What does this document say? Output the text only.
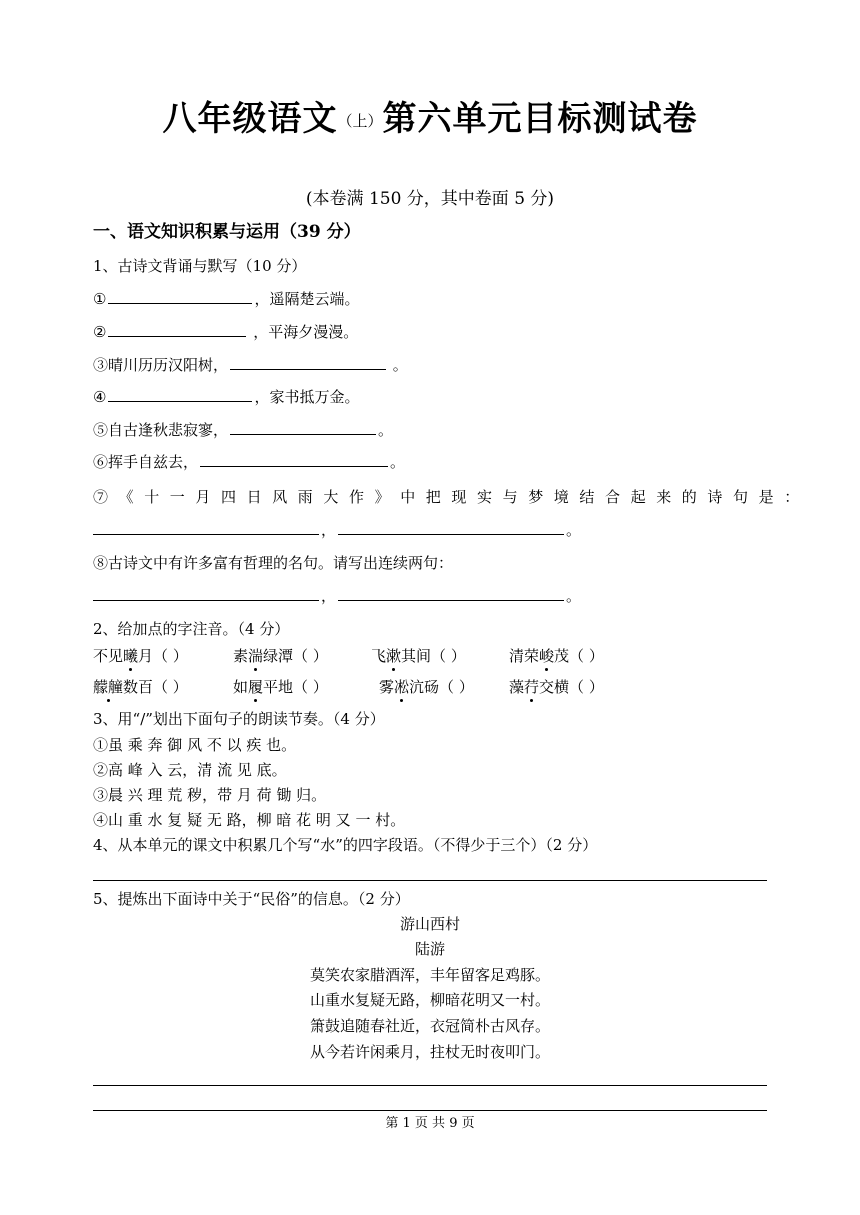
八年级语文（上）第六单元目标测试卷
(本卷满 150 分，其中卷面 5 分)
一、语文知识积累与运用（39 分）
1、古诗文背诵与默写（10 分）
①	，遥隔楚云端。
②	，平海夕漫漫。
③晴川历历汉阳树，	。
④	，家书抵万金。
⑤自古逢秋悲寂寥，	。
⑥挥手自兹去，	。
⑦《十一月四日风雨大作》中把现实与梦境结合起来的诗句是：
，	。
⑧古诗文中有许多富有哲理的名句。请写出连续两句：
，	。
2、给加点的字注音。（4 分）
不见曦月（ ）	素湍绿潭（ ）	飞漱其间（ ）	清荣峻茂（ ）
艨艟数百（ ）	如履平地（ ）	雾凇沆砀（ ） 藻荇交横（ ）
3、用“/”划出下面句子的朗读节奏。（4 分）
①虽 乘 奔 御 风 不 以 疾 也。
②高 峰 入 云，清 流 见 底。
③晨 兴 理 荒 秽，带 月 荷 锄 归。
④山 重 水 复 疑 无 路，柳 暗 花 明 又 一 村。
4、从本单元的课文中积累几个写“水”的四字段语。（不得少于三个）（2 分）
5、提炼出下面诗中关于“民俗”的信息。（2 分）
游山西村
陆游
莫笑农家腊酒浑，丰年留客足鸡豚。
山重水复疑无路，柳暗花明又一村。
箫鼓追随春社近，衣冠简朴古风存。
从今若许闲乘月，拄杖无时夜叩门。
第 1 页 共 9 页
